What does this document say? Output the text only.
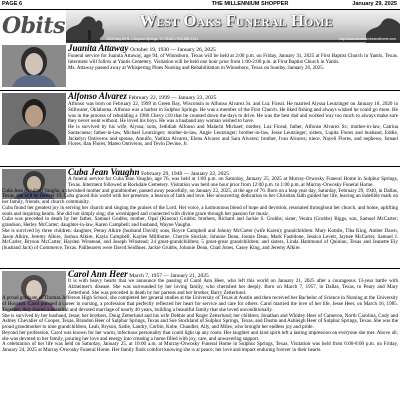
PAGE 6	THE MILLENNIUM SHOPPER	January 29, 2025
Obits	West Oaks Funeral Home
1516 Hwy 69 N. • Sulphur Springs, TX 75482 • 903-885-2121	http://www.westoaksfuneralhome.com
Juanita Attaway October 19, 1930 — January 26, 2025

Funeral service for Juanita Attaway, age 94, of Winnsboro, Texas will be held at 2:00 p.m. on Friday, January 31, 2025 at First Baptist Church in Yantis, Texas. Interment will follow at Yantis Cemetery. Visitation will be held one hour prior from 1:00-2:00 p.m. at First Baptist Church in Yantis.

Ms. Attaway passed away at Whispering Pines Nursing and Rehabilitation in Winnsboro, Texas on Sunday, January 26, 2025.

Alfonso Alvarez February 22, 1999 — January 23, 2025

Alfonso was born on February 22, 1999 in Green Bay, Wisconsin to Alfonso Alvarez Sr. and Luz Ficeal. He married Alyssa Leutzinger on January 18, 2020 in Stillwater, Oklahoma. Alfonso was a barber in Sulphur Springs. He was a member of the First Church. He liked fishing and always wished he could go more. He was in the process of rebuilding a 1986 Chevy c10 that he counted down the days to drive. He was the best dad and worked way too much to always make sure they never went without. He loved his boys. He was a husband any woman wished to have.

He is survived by his wife, Alyssa; sons, Jedidiah Alfonso and Malachi Michael; mother, Luz Ficeal; father, Alfonso Alvarez Sr.; mother-in-law, Catrina Santacoese; father-in-law, Michael Leutzinger; mother-in-law, Angie Leutzinger; brother-in-law, Jesse Leutzinger; sisters, Lupita Flores and husband, Eddie, Jackelyn Ontiveros and spouse, Amulfo, Yaditza Alvarez, Elena Alvarez and Sara Alvarez; brother, Ivan Alvarez; niece, Nayeli Flores, and nephews, Ismael Flores, Ilan Flores, Mateo Ontiveros, and Tevin Devine, Jr.

Cuba Jean Vaughn February 29, 1940 — January 22, 2025

A funeral service for Cuba Jean Vaughn, age 76, was held at 1:00 p.m. on Saturday, January 25, 2025 at Murray-Orwosky Funeral Home in Sulphur Springs, Texas. Interment followed at Rockdale Cemetery. Visitation was held one hour prior from 12:00 p.m. to 1:00 p.m. at Murray-Orwosky Funeral Home.

Cuba Jean (Grubbs) Vaughn, a cherished mother and grandmother, passed away peacefully, on January 22, 2025, at the age of 76. Born on a leap year day, Saturday, February 29, 1940, in Dallas, Texas, she will be forever 19. Cuba graced this world with her presence, a beacon of faith and love. Her unwavering dedication to her Christian faith guided her life, leaving an indelible mark on her family, friends, and church community.

Cuba found her greatest joy in serving her church and singing the praises of the Lord. Her voice, a harmonious blend of hope and devotion, resonated throughout her church, and home, uplifting souls and inspiring hearts. She did not simply sing; she worshipped and connected with divine grace through her passion for music.

Cuba was preceded in death by her father, Samuel Grubbs; mother, Opal (Kinson) Grubbs; brothers, Richard and Jackie S. Grubbs; sister, Venita (Grubbs) Biggs, son, Samuel McCarter; grandson, Herley McCarter; daughter-in-law, Karen Campbell; and husband, Wayne Vaughn.

She is survived by three children: daughter, Penny Alkire (husband David); sons, Royce Campbell and Johnny McCarter (wife Karen); grandchildren: Mary Kombs, Tiba King, Amber Dawn, Jason Alkire, Jeremy Alkire, Joshua Alkire, Kayla Campbell, Kaylee Millburne, Cheryle Sinclair, Johnnie Dean, Jonnie Dean, Mark Fastidone, Jessica Levett, Jaynee McCarter, Samuel J. McCarter, Bryson McCarter, Hayden Winstead, and Joseph Winstead; 24 great-grandchildren; 5 great-great grandchildren; and sisters, Linda Hammond of Quinlan, Texas and Jeanette Ely (husband Jack) of Commerce, Texas. Pallbearers were David Seidhner, Jackie Grubbs, Johnnie Dean, Chad Jones, Casey King, and Jeremy Alkire.

Carol Ann Heer March 7, 1957 — January 21, 2025

It is with heavy hearts that we announce the passing of Carol Ann Heer, who left this world on January 21, 2025 after a courageous 13-year battle with Alzheimer's disease. She was surrounded by her loving family, who cherished her deeply. Born on March 7, 1957, in Dallas, Texas, to Peary and Mary Zetterlund. She was preceded in death by her parents and her brother, Barry Zetterlund.

A proud graduate of Thomas Jefferson High School, she completed her general studies at the University of Texas at Austin and then received her Bachelor of Science in Nursing at the University of Houston. Carol pursued a career in nursing, a profession that perfectly reflected her heart for service and care for others. Carol married the love of her life, Jesse Heer, on March 16, 1985. Together, they shared a beautiful and devoted marriage of nearly 40 years, building a beautiful family that she loved unconditionally.

She is survived by her husband, Jesse; her brothers, Doug Zetterlund and his wife Debbie and Roger Zetterlund; her children; Jonathan and Whitley Heer of Cameron, North Carolina, Cody and Ashley Chevalier of Cooper, Texas, Brandon Heer of Sulphur Springs, Texas and Sue Stockland of Sulphur Springs, Texas, and Dustin and Ashleigh Heer of Sulphur Springs, Texas. She was the proud grandmother to nine grandchildren, Leah, Bryson, Sadie, Landry, Corbin, Kobe, Chandler, Ally, and Miles, who brought her endless joy and pride.

Beyond her profession, Carol was known for her warm, infectious personality that could light up any room. Her laughter and kind spirit left a lasting impression on everyone she met. Above all, she was devoted to her family, pouring her love and energy into creating a home filled with joy, care, and unwavering support.

A celebration of her life was held on Saturday, January 25, at 10:00 a.m. at Murray-Orwosky Funeral Home in Sulphur Springs, Texas. Visitation was held from 6:00-8:00 p.m. on Friday, January 24, 2025 at Murray-Orwosky Funeral Home. Her family finds comfort knowing she is at peace; her love and impact enduring forever in their hearts.
